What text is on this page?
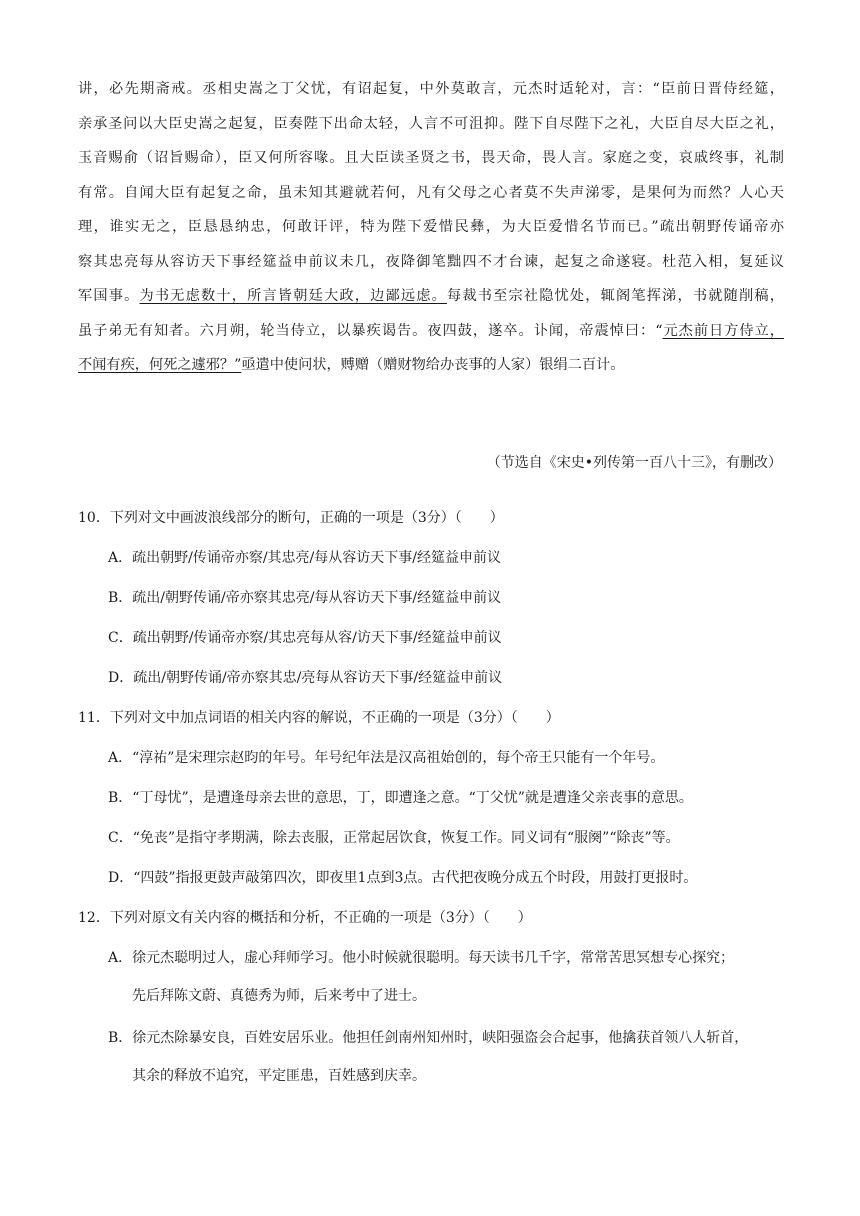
讲，必先期斋戒。丞相史嵩之丁父忧，有诏起复，中外莫敢言，元杰时适轮对，言：“臣前日晋侍经筵，
亲承圣问以大臣史嵩之起复，臣奏陛下出命太轻，人言不可沮抑。陛下自尽陛下之礼，大臣自尽大臣之礼，
玉音赐俞（诏旨赐命），臣又何所容喙。且大臣读圣贤之书，畏天命，畏人言。家庭之变，哀戚终事，礼制
有常。自闻大臣有起复之命，虽未知其避就若何，凡有父母之心者莫不失声涕零，是果何为而然？人心天
理，谁实无之，臣恳恳纳忠，何敢讦评，特为陛下爱惜民彝，为大臣爱惜名节而已。”疏出朝野传诵帝亦
察其忠亮每从容访天下事经筵益申前议未几，夜降御笔黜四不才台谏，起复之命遂寝。杜范入相，复延议
军国事。为书无虑数十，所言皆朝廷大政，边鄙远虑。每裁书至宗社隐忧处，辄阁笔挥涕，书就随削稿，
虽子弟无有知者。六月朔，轮当侍立，以暴疾谒告。夜四鼓，遂卒。讣闻，帝震悼曰：“元杰前日方侍立，
不闻有疾，何死之遽邪？”亟遣中使问状，赙赠（赠财物给办丧事的人家）银绢二百计。
（节选自《宋史•列传第一百八十三》，有删改）
10．下列对文中画波浪线部分的断句，正确的一项是（3分）（　　）
A．疏出朝野/传诵帝亦察/其忠亮/每从容访天下事/经筵益申前议
B．疏出/朝野传诵/帝亦察其忠亮/每从容访天下事/经筵益申前议
C．疏出朝野/传诵帝亦察/其忠亮每从容/访天下事/经筵益申前议
D．疏出/朝野传诵/帝亦察其忠/亮每从容访天下事/经筵益申前议
11．下列对文中加点词语的相关内容的解说，不正确的一项是（3分）（　　）
A．“淳祐”是宋理宗赵昀的年号。年号纪年法是汉高祖始创的，每个帝王只能有一个年号。
B．“丁母忧”，是遭逢母亲去世的意思，丁，即遭逢之意。“丁父忧”就是遭逢父亲丧事的意思。
C．“免丧”是指守孝期满，除去丧服，正常起居饮食，恢复工作。同义词有“服阕”“除丧”等。
D．“四鼓”指报更鼓声敲第四次，即夜里1点到3点。古代把夜晚分成五个时段，用鼓打更报时。
12．下列对原文有关内容的概括和分析，不正确的一项是（3分）（　　）
A．徐元杰聪明过人，虚心拜师学习。他小时候就很聪明。每天读书几千字，常常苦思冥想专心探究；
先后拜陈文蔚、真德秀为师，后来考中了进士。
B．徐元杰除暴安良，百姓安居乐业。他担任剑南州知州时，峡阳强盗会合起事，他擒获首领八人斩首，
其余的释放不追究，平定匪患，百姓感到庆幸。
